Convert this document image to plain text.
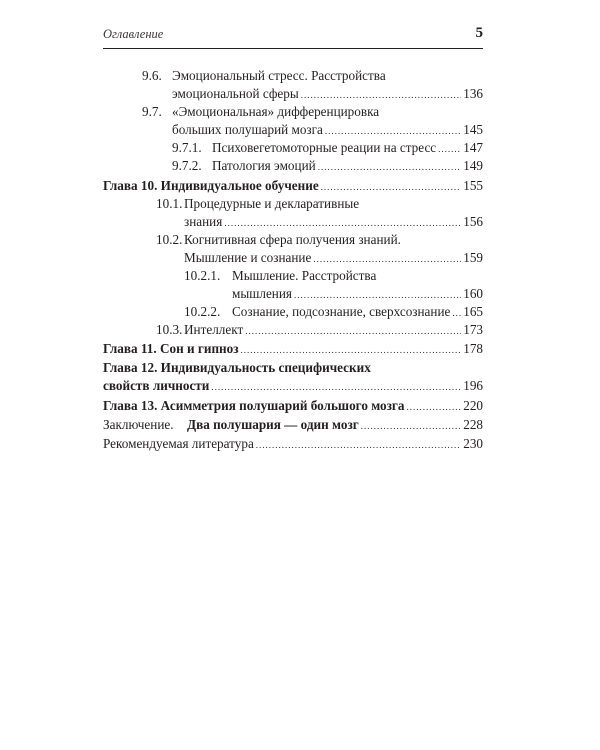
Оглавление	5
9.6. Эмоциональный стресс. Расстройства
эмоциональной сферы .....	136
9.7. «Эмоциональная» дифференцировка
больших полушарий мозга .....	145
9.7.1. Психовегетомоторные реации на стресс ..... 147
9.7.2. Патология эмоций .....	149
Глава 10. Индивидуальное обучение .....	155
10.1. Процедурные и декларативные
знания .....	156
10.2. Когнитивная сфера получения знаний.
Мышление и сознание .....	159
10.2.1. Мышление. Расстройства
мышления .....	160
10.2.2. Сознание, подсознание, сверхсознание ..... 165
10.3. Интеллект .....	173
Глава 11. Сон и гипноз .....	178
Глава 12. Индивидуальность специфических
свойств личности .....	196
Глава 13. Асимметрия полушарий большого мозга .....	220
Заключение. Два полушария — один мозг .....	228
Рекомендуемая литература .....	230
